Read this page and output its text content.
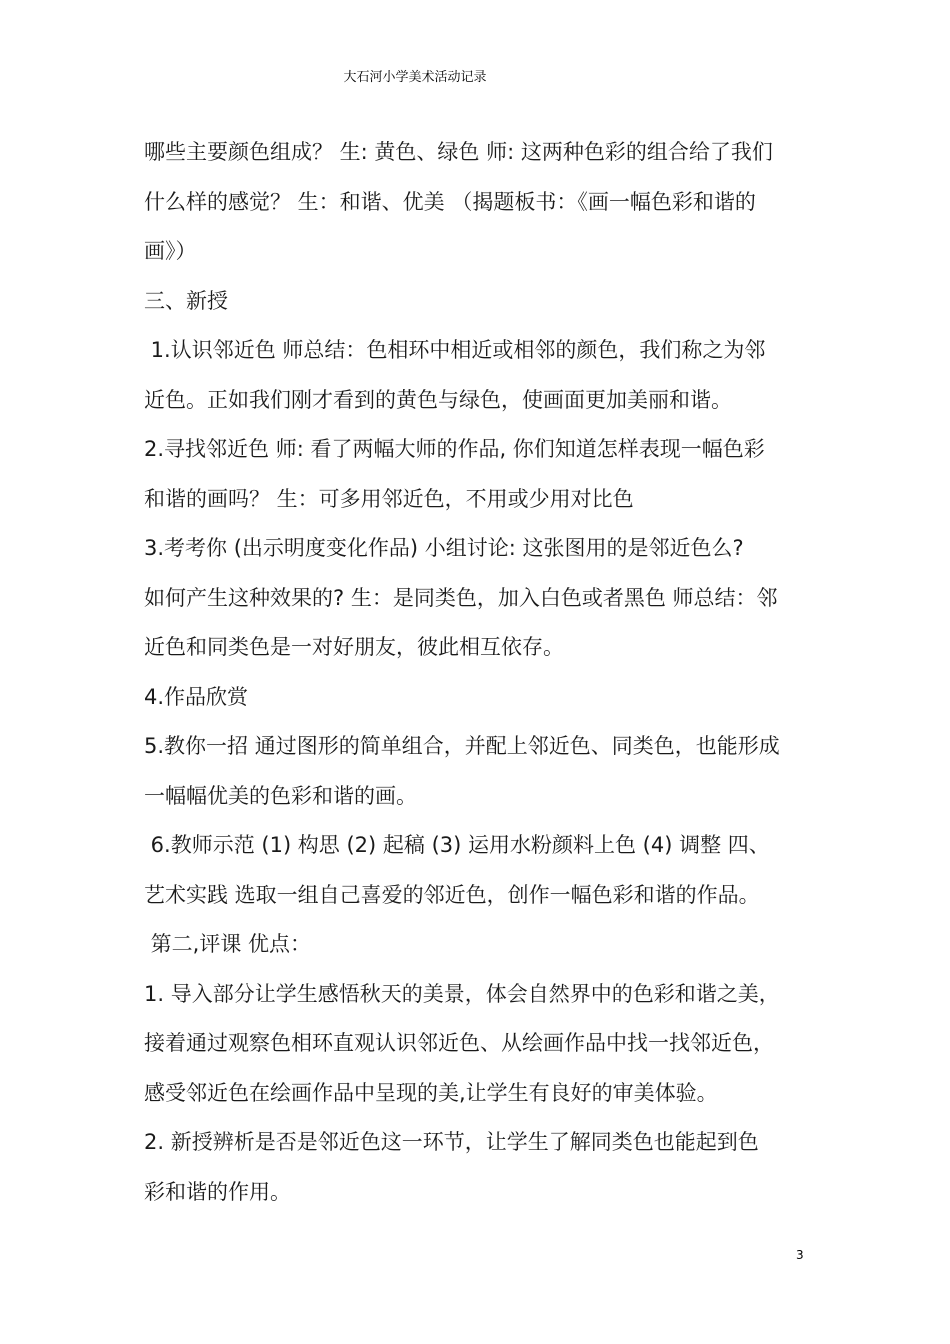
大石河小学美术活动记录

哪些主要颜色组成？ 生: 黄色、绿色 师: 这两种色彩的组合给了我们

什么样的感觉？ 生：和谐、优美 （揭题板书：《画一幅色彩和谐的

画》）

三、新授

1.认识邻近色 师总结：色相环中相近或相邻的颜色，我们称之为邻

近色。正如我们刚才看到的黄色与绿色，使画面更加美丽和谐。

2.寻找邻近色 师: 看了两幅大师的作品, 你们知道怎样表现一幅色彩

和谐的画吗？ 生：可多用邻近色，不用或少用对比色

3.考考你 (出示明度变化作品) 小组讨论: 这张图用的是邻近色么?

如何产生这种效果的? 生：是同类色，加入白色或者黑色 师总结：邻

近色和同类色是一对好朋友，彼此相互依存。

4.作品欣赏

5.教你一招 通过图形的简单组合，并配上邻近色、同类色，也能形成

一幅幅优美的色彩和谐的画。

6.教师示范 (1) 构思 (2) 起稿 (3) 运用水粉颜料上色 (4) 调整 四、

艺术实践 选取一组自己喜爱的邻近色，创作一幅色彩和谐的作品。

第二,评课 优点：

1. 导入部分让学生感悟秋天的美景，体会自然界中的色彩和谐之美，

接着通过观察色相环直观认识邻近色、从绘画作品中找一找邻近色，

感受邻近色在绘画作品中呈现的美,让学生有良好的审美体验。

2. 新授辨析是否是邻近色这一环节，让学生了解同类色也能起到色

彩和谐的作用。

3
